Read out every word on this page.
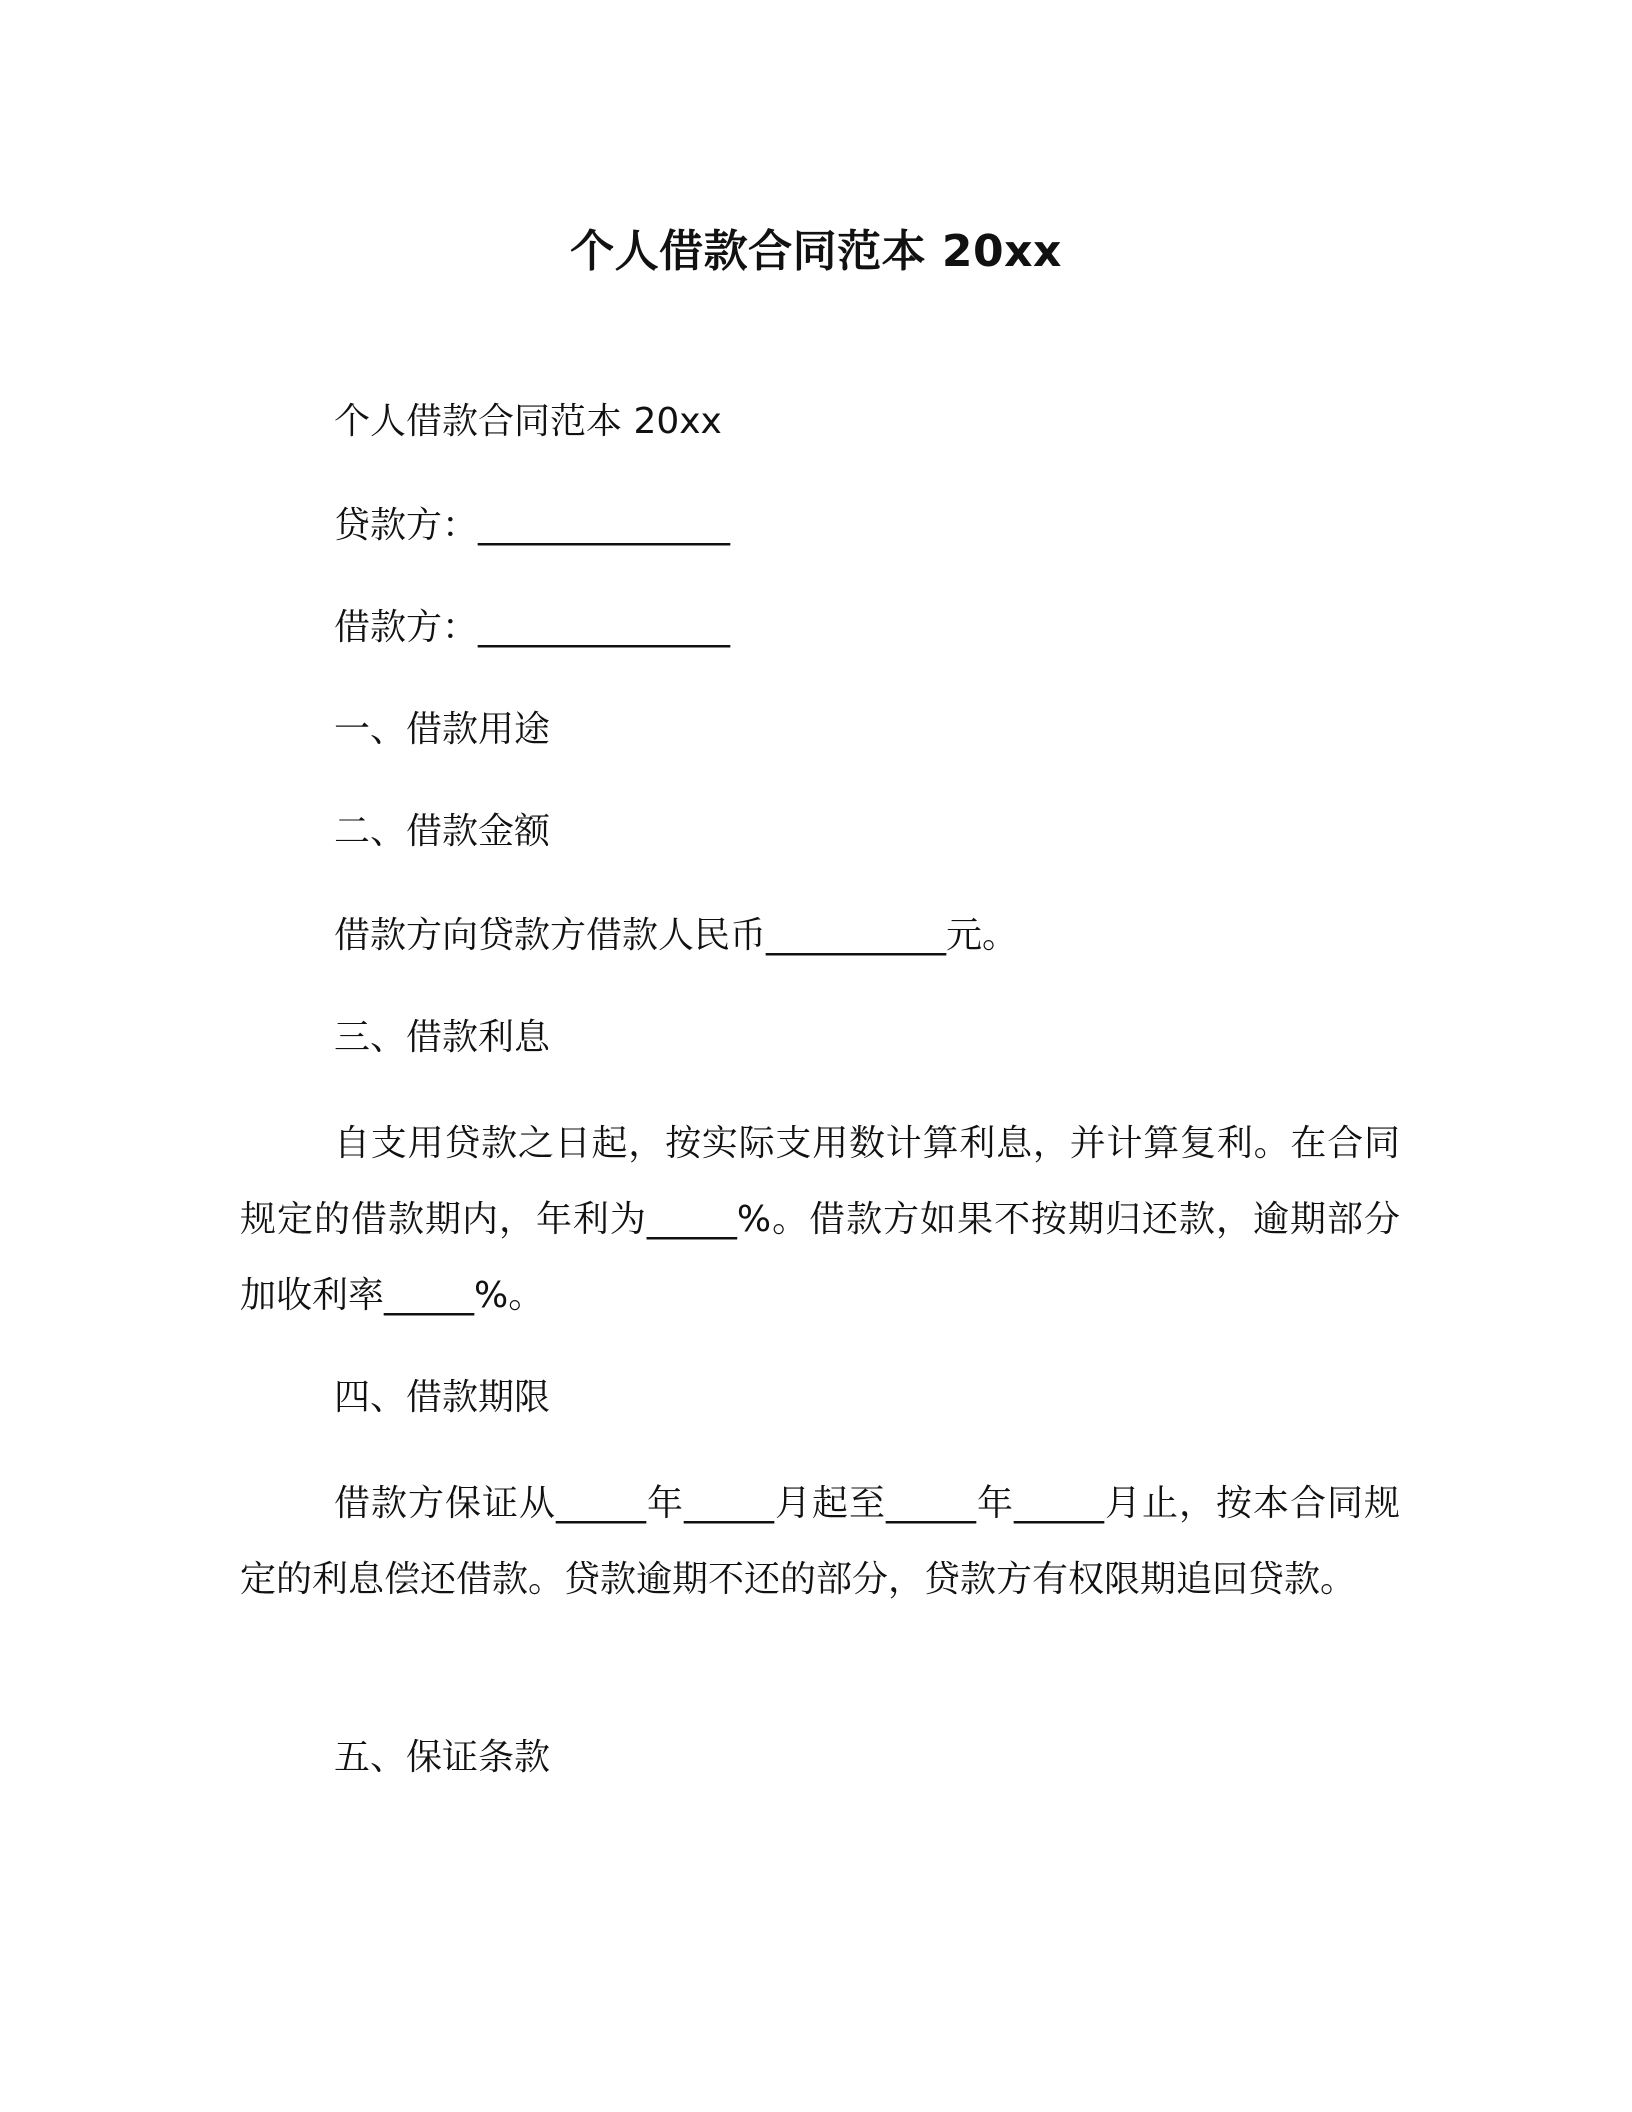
个人借款合同范本 20xx
个人借款合同范本 20xx
贷款方：______________
借款方：______________
一、借款用途
二、借款金额
借款方向贷款方借款人民币__________元。
三、借款利息
自支用贷款之日起，按实际支用数计算利息，并计算复利。在合同规定的借款期内，年利为_____%。借款方如果不按期归还款，逾期部分加收利率_____%。
四、借款期限
借款方保证从_____年_____月起至_____年_____月止，按本合同规定的利息偿还借款。贷款逾期不还的部分，贷款方有权限期追回贷款。
五、保证条款
